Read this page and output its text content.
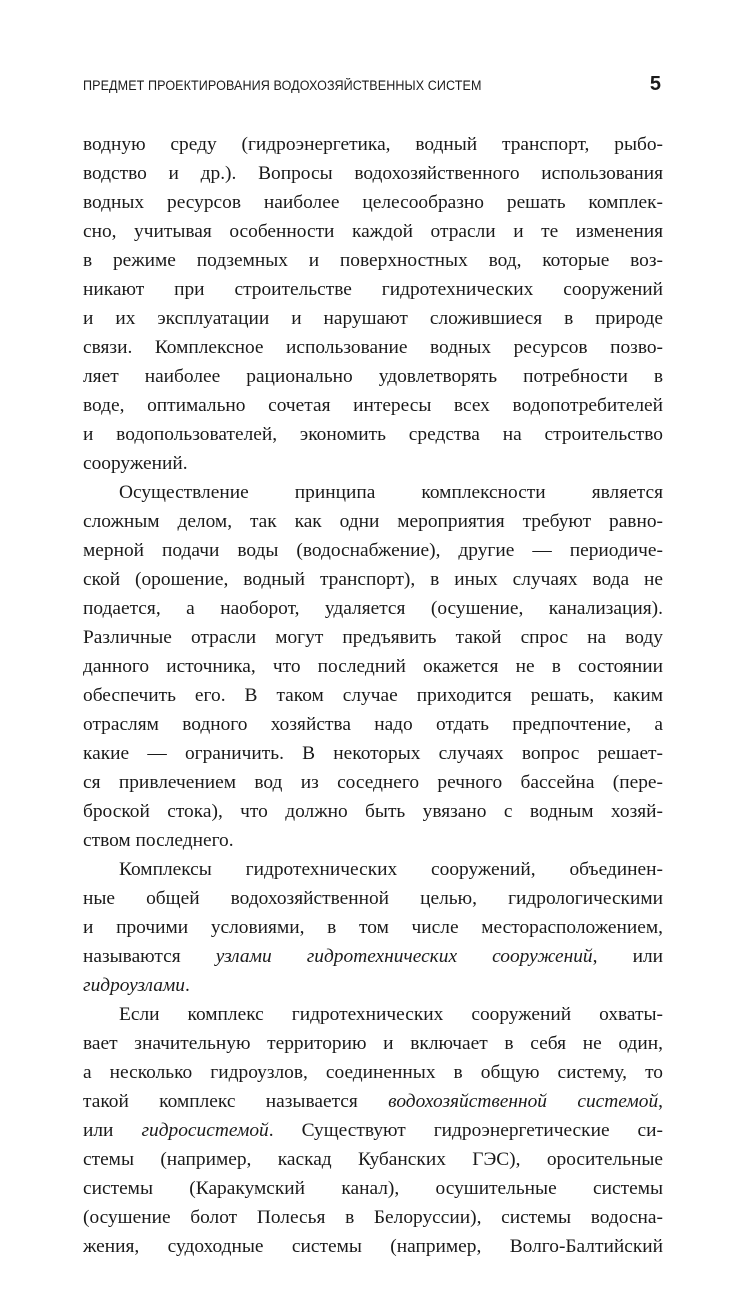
ПРЕДМЕТ ПРОЕКТИРОВАНИЯ ВОДОХОЗЯЙСТВЕННЫХ СИСТЕМ	5
водную среду (гидроэнергетика, водный транспорт, рыбо-
водство и др.). Вопросы водохозяйственного использования
водных ресурсов наиболее целесообразно решать комплек-
сно, учитывая особенности каждой отрасли и те изменения
в режиме подземных и поверхностных вод, которые воз-
никают при строительстве гидротехнических сооружений
и их эксплуатации и нарушают сложившиеся в природе
связи. Комплексное использование водных ресурсов позво-
ляет наиболее рационально удовлетворять потребности в
воде, оптимально сочетая интересы всех водопотребителей
и водопользователей, экономить средства на строительство
сооружений.
Осуществление принципа комплексности является
сложным делом, так как одни мероприятия требуют равно-
мерной подачи воды (водоснабжение), другие — периодиче-
ской (орошение, водный транспорт), в иных случаях вода не
подается, а наоборот, удаляется (осушение, канализация).
Различные отрасли могут предъявить такой спрос на воду
данного источника, что последний окажется не в состоянии
обеспечить его. В таком случае приходится решать, каким
отраслям водного хозяйства надо отдать предпочтение, а
какие — ограничить. В некоторых случаях вопрос решает-
ся привлечением вод из соседнего речного бассейна (пере-
броской стока), что должно быть увязано с водным хозяй-
ством последнего.
Комплексы гидротехнических сооружений, объединен-
ные общей водохозяйственной целью, гидрологическими
и прочими условиями, в том числе месторасположением,
называются узлами гидротехнических сооружений, или
гидроузлами.
Если комплекс гидротехнических сооружений охваты-
вает значительную территорию и включает в себя не один,
а несколько гидроузлов, соединенных в общую систему, то
такой комплекс называется водохозяйственной системой,
или гидросистемой. Существуют гидроэнергетические си-
стемы (например, каскад Кубанских ГЭС), оросительные
системы (Каракумский канал), осушительные системы
(осушение болот Полесья в Белоруссии), системы водосна-
жения, судоходные системы (например, Волго-Балтийский
